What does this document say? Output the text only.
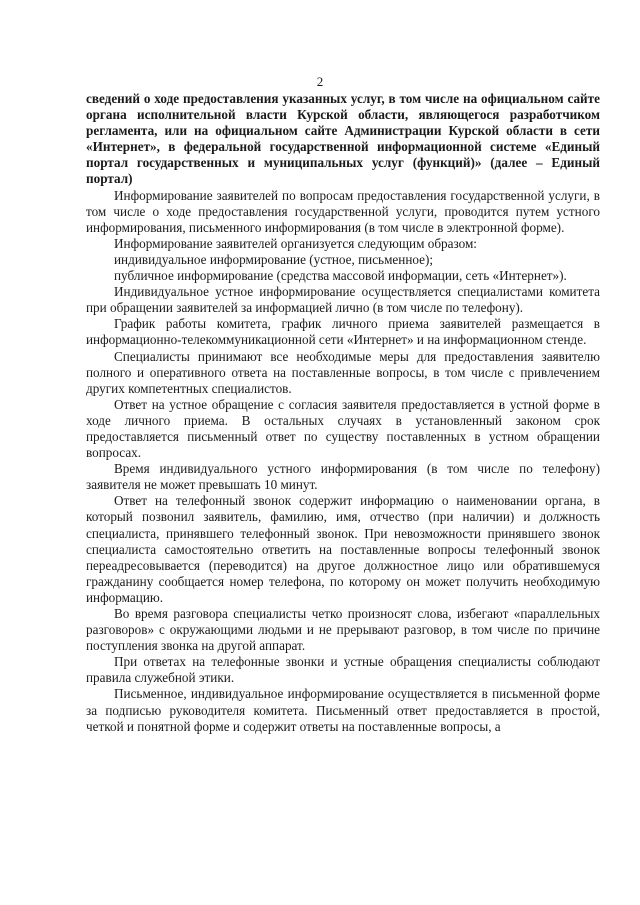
2

сведений о ходе предоставления указанных услуг, в том числе на официальном сайте органа исполнительной власти Курской области, являющегося разработчиком регламента, или на официальном сайте Администрации Курской области в сети «Интернет», в федеральной государственной информационной системе «Единый портал государственных и муниципальных услуг (функций)» (далее – Единый портал)

Информирование заявителей по вопросам предоставления государственной услуги, в том числе о ходе предоставления государственной услуги, проводится путем устного информирования, письменного информирования (в том числе в электронной форме).

Информирование заявителей организуется следующим образом:

индивидуальное информирование (устное, письменное);

публичное информирование (средства массовой информации, сеть «Интернет»).

Индивидуальное устное информирование осуществляется специалистами комитета при обращении заявителей за информацией лично (в том числе по телефону).

График работы комитета, график личного приема заявителей размещается в информационно-телекоммуникационной сети «Интернет» и на информационном стенде.

Специалисты принимают все необходимые меры для предоставления заявителю полного и оперативного ответа на поставленные вопросы, в том числе с привлечением других компетентных специалистов.

Ответ на устное обращение с согласия заявителя предоставляется в устной форме в ходе личного приема. В остальных случаях в установленный законом срок предоставляется письменный ответ по существу поставленных в устном обращении вопросах.

Время индивидуального устного информирования (в том числе по телефону) заявителя не может превышать 10 минут.

Ответ на телефонный звонок содержит информацию о наименовании органа, в который позвонил заявитель, фамилию, имя, отчество (при наличии) и должность специалиста, принявшего телефонный звонок. При невозможности принявшего звонок специалиста самостоятельно ответить на поставленные вопросы телефонный звонок переадресовывается (переводится) на другое должностное лицо или обратившемуся гражданину сообщается номер телефона, по которому он может получить необходимую информацию.

Во время разговора специалисты четко произносят слова, избегают «параллельных разговоров» с окружающими людьми и не прерывают разговор, в том числе по причине поступления звонка на другой аппарат.

При ответах на телефонные звонки и устные обращения специалисты соблюдают правила служебной этики.

Письменное, индивидуальное информирование осуществляется в письменной форме за подписью руководителя комитета. Письменный ответ предоставляется в простой, четкой и понятной форме и содержит ответы на поставленные вопросы, а
